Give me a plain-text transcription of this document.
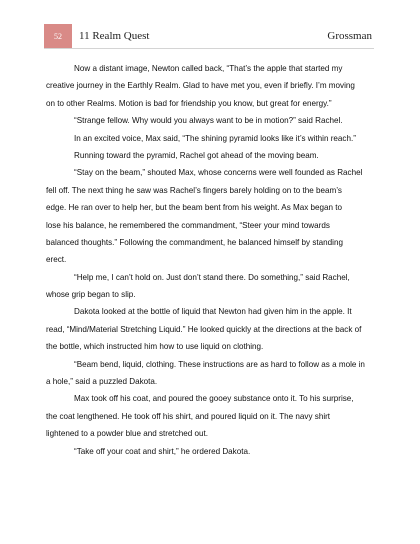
52 11 Realm Quest	Grossman
Now a distant image, Newton called back, “That’s the apple that started my
creative journey in the Earthly Realm. Glad to have met you, even if briefly. I’m moving
on to other Realms. Motion is bad for friendship you know, but great for energy.”
“Strange fellow. Why would you always want to be in motion?” said Rachel.
In an excited voice, Max said, “The shining pyramid looks like it’s within reach.”
Running toward the pyramid, Rachel got ahead of the moving beam.
“Stay on the beam,” shouted Max, whose concerns were well founded as Rachel
fell off. The next thing he saw was Rachel’s fingers barely holding on to the beam’s
edge. He ran over to help her, but the beam bent from his weight. As Max began to
lose his balance, he remembered the commandment, “Steer your mind towards
balanced thoughts.” Following the commandment, he balanced himself by standing
erect.
“Help me, I can’t hold on. Just don’t stand there. Do something,” said Rachel,
whose grip began to slip.
Dakota looked at the bottle of liquid that Newton had given him in the apple. It
read, “Mind/Material Stretching Liquid.” He looked quickly at the directions at the back of
the bottle, which instructed him how to use liquid on clothing.
“Beam bend, liquid, clothing. These instructions are as hard to follow as a mole in
a hole,” said a puzzled Dakota.
Max took off his coat, and poured the gooey substance onto it. To his surprise,
the coat lengthened. He took off his shirt, and poured liquid on it. The navy shirt
lightened to a powder blue and stretched out.
“Take off your coat and shirt,” he ordered Dakota.
